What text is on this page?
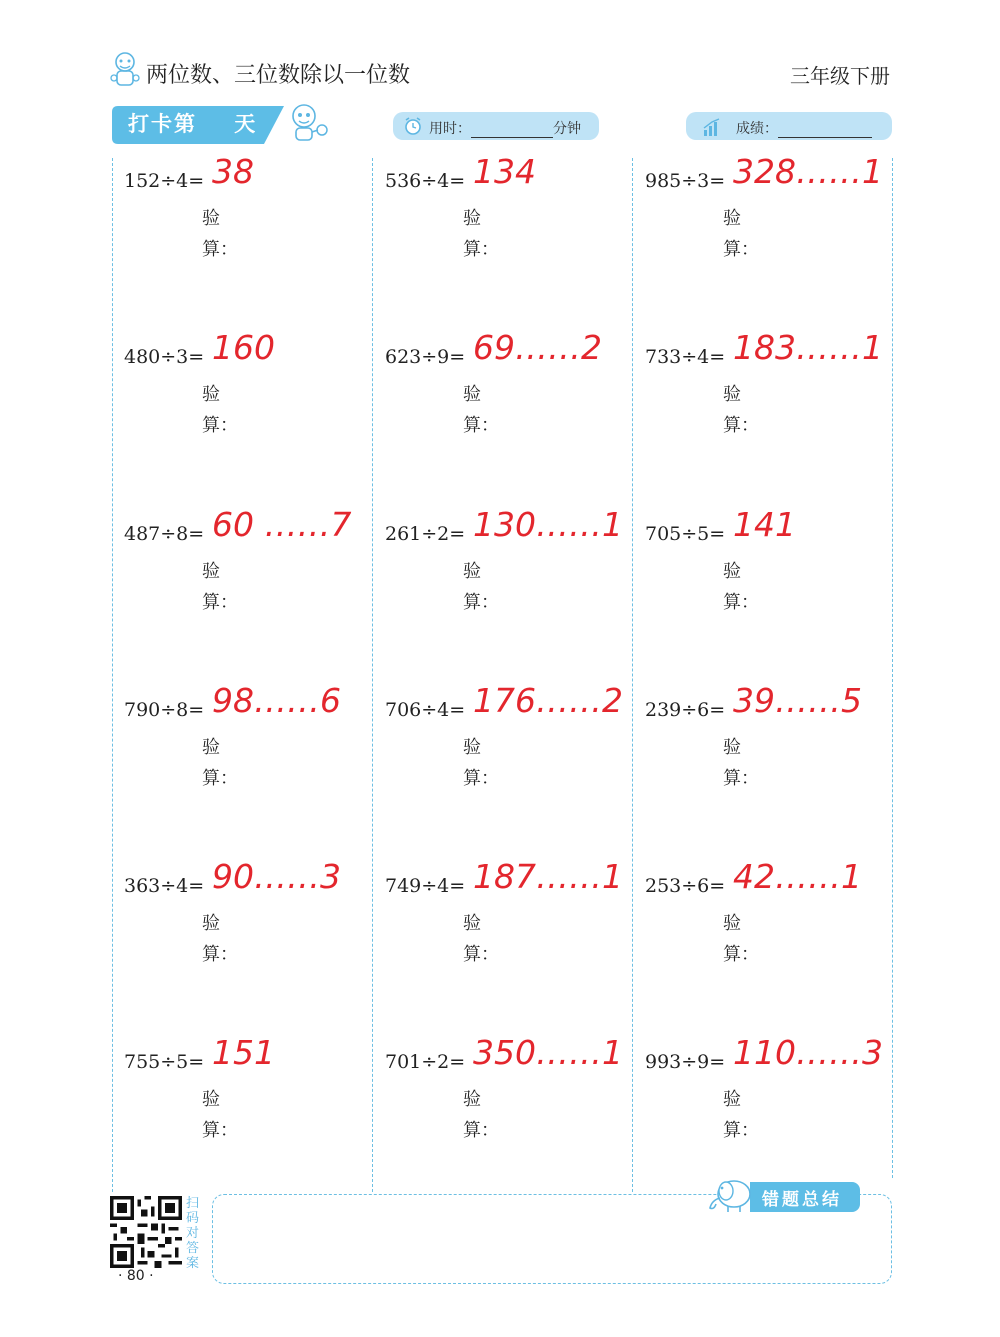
两位数、三位数除以一位数	三年级下册
打卡第    天	用时：	分钟	成绩：
152÷4= 38
验
算：
480÷3= 160
验
算：
487÷8= 60 ……7
验
算：
790÷8= 98……6
验
算：
363÷4= 90……3
验
算：
755÷5= 151
验
算：
536÷4= 134
验
算：
623÷9= 69……2
验
算：
261÷2= 130……1
验
算：
706÷4= 176……2
验
算：
749÷4= 187……1
验
算：
701÷2= 350……1
验
算：
985÷3= 328……1
验
算：
733÷4= 183……1
验
算：
705÷5= 141
验
算：
239÷6= 39……5
验
算：
253÷6= 42……1
验
算：
993÷9= 110……3
验
算：
错题总结
扫码对答案
· 80 ·
